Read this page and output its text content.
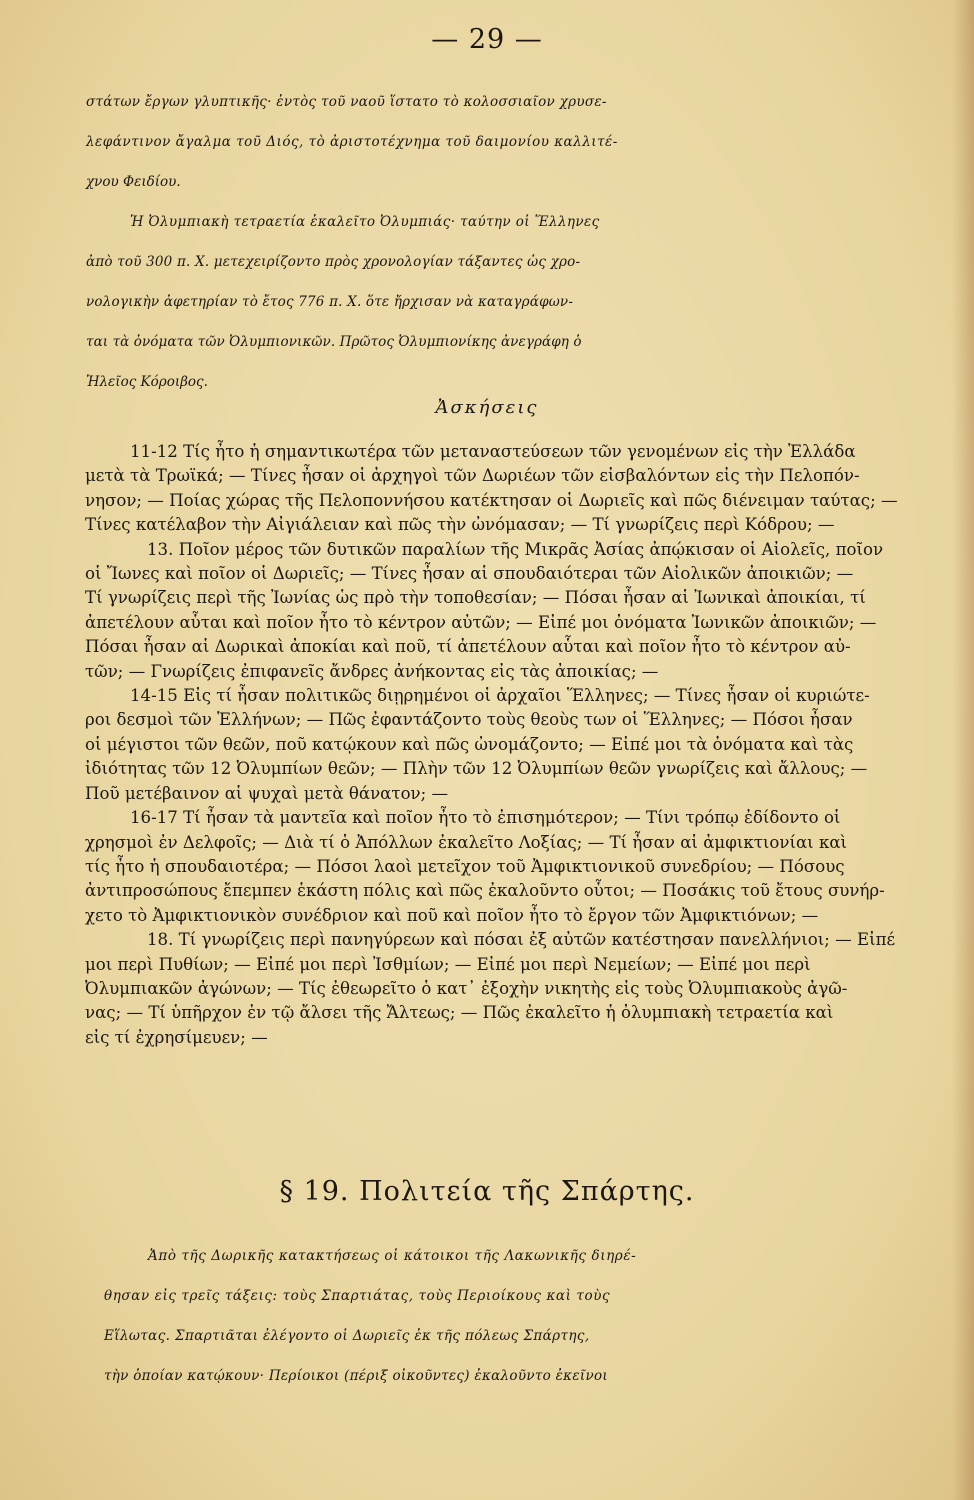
— 29 —
στάτων ἔργων γλυπτικῆς· ἐντὸς τοῦ ναοῦ ἵστατο τὸ κολοσσιαῖον χρυσε-
λεφάντινον ἄγαλμα τοῦ Διός, τὸ ἀριστοτέχνημα τοῦ δαιμονίου καλλιτέ-
χνου Φειδίου.
Ἡ Ὀλυμπιακὴ τετραετία ἐκαλεῖτο Ὀλυμπιάς· ταύτην οἱ Ἕλληνες
ἀπὸ τοῦ 300 π. Χ. μετεχειρίζοντο πρὸς χρονολογίαν τάξαντες ὡς χρο-
νολογικὴν ἀφετηρίαν τὸ ἔτος 776 π. Χ. ὅτε ἤρχισαν νὰ καταγράφων-
ται τὰ ὀνόματα τῶν Ὀλυμπιονικῶν. Πρῶτος Ὀλυμπιονίκης ἀνεγράφη ὁ
Ἠλεῖος Κόροιβος.
Ἀσκήσεις
11-12 Τίς ἦτο ἡ σημαντικωτέρα τῶν μεταναστεύσεων τῶν γενομένων εἰς τὴν Ἑλλάδα
μετὰ τὰ Τρωϊκά; — Τίνες ἦσαν οἱ ἀρχηγοὶ τῶν Δωριέων τῶν εἰσβαλόντων εἰς τὴν Πελοπόν-
νησον; — Ποίας χώρας τῆς Πελοποννήσου κατέκτησαν οἱ Δωριεῖς καὶ πῶς διένειμαν ταύτας; —
Τίνες κατέλαβον τὴν Αἰγιάλειαν καὶ πῶς τὴν ὠνόμασαν; — Τί γνωρίζεις περὶ Κόδρου; —
13. Ποῖον μέρος τῶν δυτικῶν παραλίων τῆς Μικρᾶς Ἀσίας ἀπῴκισαν οἱ Αἰολεῖς, ποῖον
οἱ Ἴωνες καὶ ποῖον οἱ Δωριεῖς; — Τίνες ἦσαν αἱ σπουδαιότεραι τῶν Αἰολικῶν ἀποικιῶν; —
Τί γνωρίζεις περὶ τῆς Ἰωνίας ὡς πρὸ τὴν τοποθεσίαν; — Πόσαι ἦσαν αἱ Ἰωνικαὶ ἀποικίαι, τί
ἀπετέλουν αὗται καὶ ποῖον ἦτο τὸ κέντρον αὐτῶν; — Εἰπέ μοι ὀνόματα Ἰωνικῶν ἀποικιῶν; —
Πόσαι ἦσαν αἱ Δωρικαὶ ἀποκίαι καὶ ποῦ, τί ἀπετέλουν αὗται καὶ ποῖον ἦτο τὸ κέντρον αὐ-
τῶν; — Γνωρίζεις ἐπιφανεῖς ἄνδρες ἀνήκοντας εἰς τὰς ἀποικίας; —
14-15 Εἰς τί ἦσαν πολιτικῶς διῃρημένοι οἱ ἀρχαῖοι Ἕλληνες; — Τίνες ἦσαν οἱ κυριώτε-
ροι δεσμοὶ τῶν Ἑλλήνων; — Πῶς ἐφαντάζοντο τοὺς θεοὺς των οἱ Ἕλληνες; — Πόσοι ἦσαν
οἱ μέγιστοι τῶν θεῶν, ποῦ κατῴκουν καὶ πῶς ὠνομάζοντο; — Εἰπέ μοι τὰ ὀνόματα καὶ τὰς
ἰδιότητας τῶν 12 Ὀλυμπίων θεῶν; — Πλὴν τῶν 12 Ὀλυμπίων θεῶν γνωρίζεις καὶ ἄλλους; —
Ποῦ μετέβαινον αἱ ψυχαὶ μετὰ θάνατον; —
16-17 Τί ἦσαν τὰ μαντεῖα καὶ ποῖον ἦτο τὸ ἐπισημότερον; — Τίνι τρόπῳ ἐδίδοντο οἱ
χρησμοὶ ἐν Δελφοῖς; — Διὰ τί ὁ Ἀπόλλων ἐκαλεῖτο Λοξίας; — Τί ἦσαν αἱ ἀμφικτιονίαι καὶ
τίς ἦτο ἡ σπουδαιοτέρα; — Πόσοι λαοὶ μετεῖχον τοῦ Ἀμφικτιονικοῦ συνεδρίου; — Πόσους
ἀντιπροσώπους ἔπεμπεν ἑκάστη πόλις καὶ πῶς ἐκαλοῦντο οὗτοι; — Ποσάκις τοῦ ἔτους συνήρ-
χετο τὸ Ἀμφικτιονικὸν συνέδριον καὶ ποῦ καὶ ποῖον ἦτο τὸ ἔργον τῶν Ἀμφικτιόνων; —
18. Τί γνωρίζεις περὶ πανηγύρεων καὶ πόσαι ἐξ αὐτῶν κατέστησαν πανελλήνιοι; — Εἰπέ
μοι περὶ Πυθίων; — Εἰπέ μοι περὶ Ἰσθμίων; — Εἰπέ μοι περὶ Νεμείων; — Εἰπέ μοι περὶ
Ὀλυμπιακῶν ἀγώνων; — Τίς ἐθεωρεῖτο ὁ κατ᾽ ἐξοχὴν νικητὴς εἰς τοὺς Ὀλυμπιακοὺς ἀγῶ-
νας; — Τί ὑπῆρχον ἐν τῷ ἄλσει τῆς Ἄλτεως; — Πῶς ἐκαλεῖτο ἡ ὀλυμπιακὴ τετραετία καὶ
εἰς τί ἐχρησίμευεν; —
§ 19. Πολιτεία τῆς Σπάρτης.
Ἀπὸ τῆς Δωρικῆς κατακτήσεως οἱ κάτοικοι τῆς Λακωνικῆς διηρέ-
θησαν εἰς τρεῖς τάξεις: τοὺς Σπαρτιάτας, τοὺς Περιοίκους καὶ τοὺς
Εἵλωτας. Σπαρτιᾶται ἐλέγοντο οἱ Δωριεῖς ἐκ τῆς πόλεως Σπάρτης,
τὴν ὁποίαν κατῴκουν· Περίοικοι (πέριξ οἰκοῦντες) ἐκαλοῦντο ἐκεῖνοι
